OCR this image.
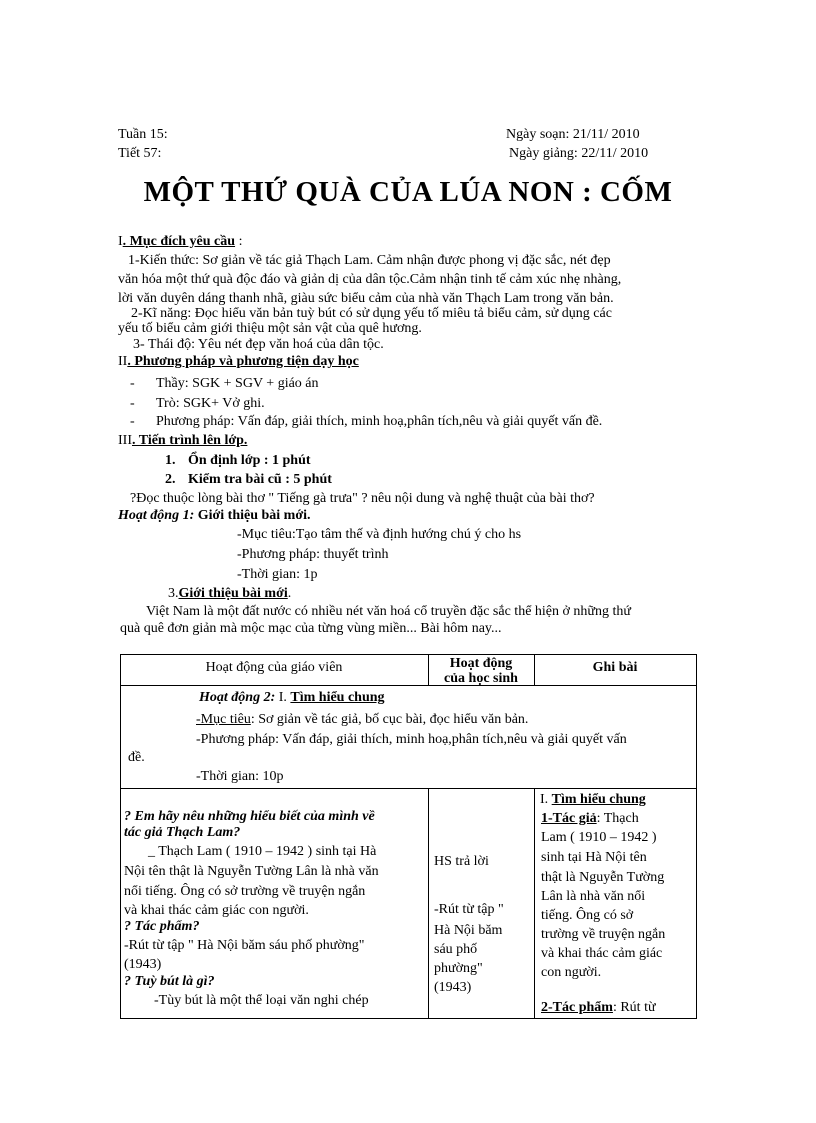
Tuần 15:
Tiết 57:
Ngày soạn: 21/11/ 2010
Ngày giảng: 22/11/ 2010
MỘT THỨ QUÀ CỦA LÚA NON : CỐM
I. Mục đích yêu cầu :
1-Kiến thức: Sơ giản về tác giả Thạch Lam. Cảm nhận được phong vị đặc sắc, nét đẹp
văn hóa một thứ quà độc đáo và giản dị của dân tộc.Cảm nhận tinh tế cảm xúc nhẹ nhàng,
lời văn duyên dáng thanh nhã, giàu sức biểu cảm của nhà văn Thạch Lam trong văn bản.
2-Kĩ năng: Đọc hiểu văn bản tuỳ bút có sử dụng yếu tố miêu tả biểu cảm, sử dụng các
yếu tố biểu cảm giới thiệu một sản vật của quê hương.
3- Thái độ: Yêu nét đẹp văn hoá của dân tộc.
II. Phương pháp và phương tiện dạy học
- Thầy: SGK + SGV + giáo án
- Trò: SGK+ Vở ghi.
- Phương pháp: Vấn đáp, giải thích, minh hoạ,phân tích,nêu và giải quyết vấn đề.
III. Tiến trình lên lớp.
1. Ổn định lớp : 1 phút
2. Kiểm tra bài cũ : 5 phút
?Đọc thuộc lòng bài thơ " Tiếng gà trưa" ? nêu nội dung và nghệ thuật của bài thơ?
Hoạt động 1: Giới thiệu bài mới.
-Mục tiêu:Tạo tâm thế và định hướng chú ý cho hs
-Phương pháp: thuyết trình
-Thời gian: 1p
3.Giới thiệu bài mới.
Việt Nam là một đất nước có nhiều nét văn hoá cổ truyền đặc sắc thể hiện ở những thứ
quà quê đơn giản mà mộc mạc của từng vùng miền... Bài hôm nay...
Hoạt động của giáo viên	Hoạt động
của học sinh
Ghi bài
Hoạt động 2: I. Tìm hiểu chung
-Mục tiêu: Sơ giản về tác giả, bố cục bài, đọc hiểu văn bản.
-Phương pháp: Vấn đáp, giải thích, minh hoạ,phân tích,nêu và giải quyết vấn
đề.
-Thời gian: 10p
? Em hãy nêu những hiểu biết của mình về
tác giả Thạch Lam?
_ Thạch Lam ( 1910 – 1942 ) sinh tại Hà
Nội tên thật là Nguyễn Tường Lân là nhà văn
nổi tiếng. Ông có sở trường về truyện ngắn
và khai thác cảm giác con người.
? Tác phẩm?
-Rút từ tập " Hà Nội băm sáu phố phường"
(1943)
? Tuỳ bút là gì?
-Tùy bút là một thể loại văn nghi chép
HS trả lời
-Rút từ tập "
Hà Nội băm
sáu phố
phường"
(1943)
I. Tìm hiểu chung
1-Tác giả: Thạch
Lam ( 1910 – 1942 )
sinh tại Hà Nội tên
thật là Nguyễn Tường
Lân là nhà văn nổi
tiếng. Ông có sở
trường về truyện ngắn
và khai thác cảm giác
con người.
2-Tác phẩm: Rút từ
